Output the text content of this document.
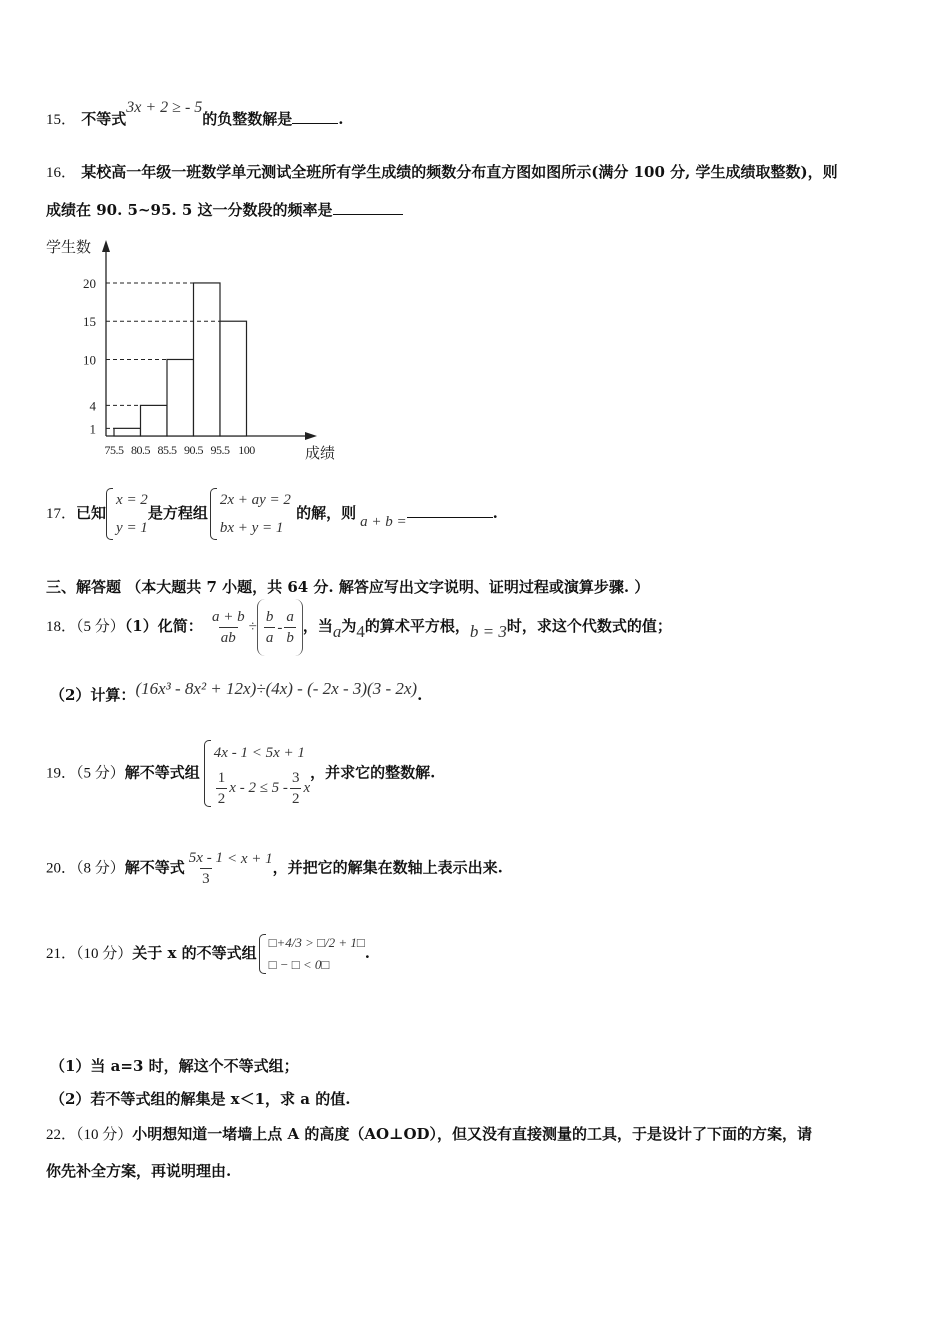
15． 不等式3x + 2 ≥ - 5的负整数解是	.
16． 某校高一年级一班数学单元测试全班所有学生成绩的频数分布直方图如图所示(满分 100 分, 学生成绩取整数)，则
成绩在 90. 5~95. 5 这一分数段的频率是
1
4
10
15
20
75.5 80.5 85.5 90.5 95.5 100
学生数
成绩
17．已知
x = 2
y = 1
是方程组
2x + ay = 2
bx + y = 1
的解，则 a + b =	.
三、解答题 （本大题共 7 小题，共 64 分. 解答应写出文字说明、证明过程或演算步骤. ）
18．（5 分）（1）化简： $\frac{a + b}{ab} \div \frac{b}{a} - \frac{a}{b}$ ，当a为4的算术平方根，b = 3时，求这个代数式的值；
（2）计算：(16x³ - 8x² + 12x)÷(4x) - (- 2x - 3)(3 - 2x).
19．（5 分）解不等式组
4x - 1 < 5x + 1
$\frac{1}{2}$ $x - 2 \le 5 - \frac{3}{2}$ x
，并求它的整数解.
20．（8 分）解不等式 $\frac{5x - 1}{3} < x + 1$，并把它的解集在数轴上表示出来.
21．（10 分）关于 x 的不等式组
□+4/3 > □/2 + 1□
□ − □ < 0□
.
（1）当 a=3 时，解这个不等式组；
（2）若不等式组的解集是 x＜1，求 a 的值.
22．（10 分）小明想知道一堵墙上点 A 的高度（AO⊥OD），但又没有直接测量的工具，于是设计了下面的方案，请
你先补全方案，再说明理由.
